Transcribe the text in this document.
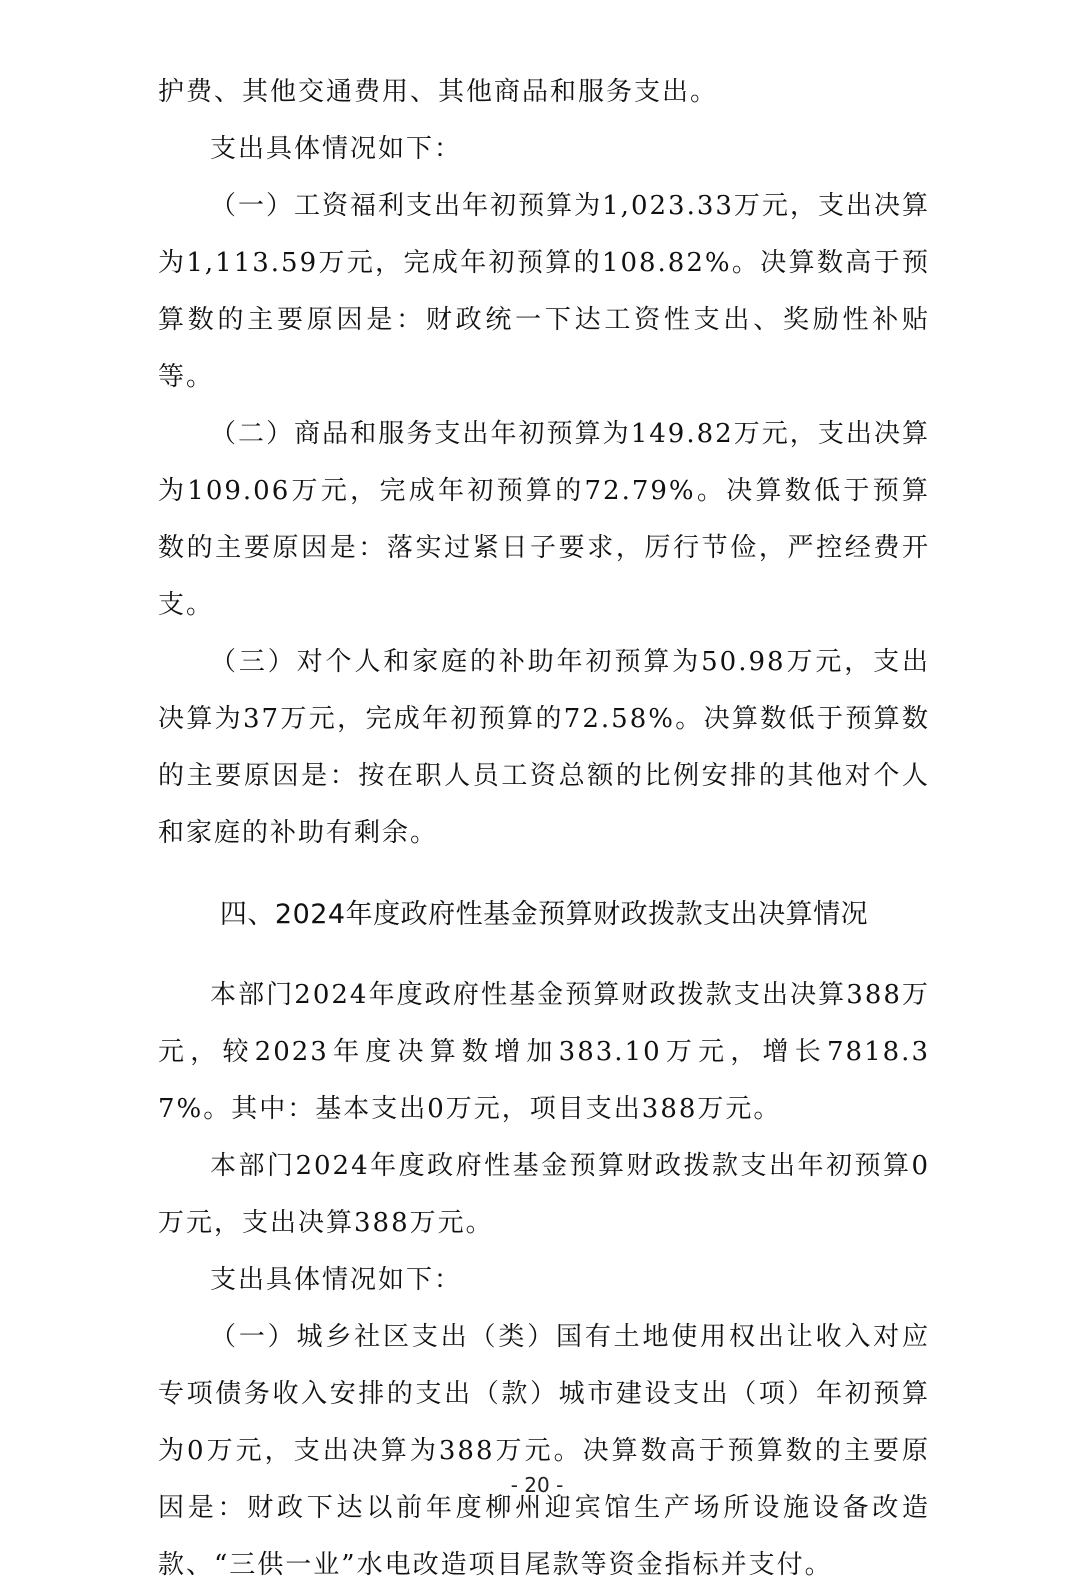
护费、其他交通费用、其他商品和服务支出。

支出具体情况如下：

（一）工资福利支出年初预算为1,023.33万元，支出决算为1,113.59万元，完成年初预算的108.82%。决算数高于预算数的主要原因是：财政统一下达工资性支出、奖励性补贴等。

（二）商品和服务支出年初预算为149.82万元，支出决算为109.06万元，完成年初预算的72.79%。决算数低于预算数的主要原因是：落实过紧日子要求，厉行节俭，严控经费开支。

（三）对个人和家庭的补助年初预算为50.98万元，支出决算为37万元，完成年初预算的72.58%。决算数低于预算数的主要原因是：按在职人员工资总额的比例安排的其他对个人和家庭的补助有剩余。

四、2024年度政府性基金预算财政拨款支出决算情况

本部门2024年度政府性基金预算财政拨款支出决算388万元，较2023年度决算数增加383.10万元，增长7818.37%。其中：基本支出0万元，项目支出388万元。

本部门2024年度政府性基金预算财政拨款支出年初预算0万元，支出决算388万元。

支出具体情况如下：

（一）城乡社区支出（类）国有土地使用权出让收入对应专项债务收入安排的支出（款）城市建设支出（项）年初预算为0万元，支出决算为388万元。决算数高于预算数的主要原因是：财政下达以前年度柳州迎宾馆生产场所设施设备改造款、“三供一业”水电改造项目尾款等资金指标并支付。

- 20 -
